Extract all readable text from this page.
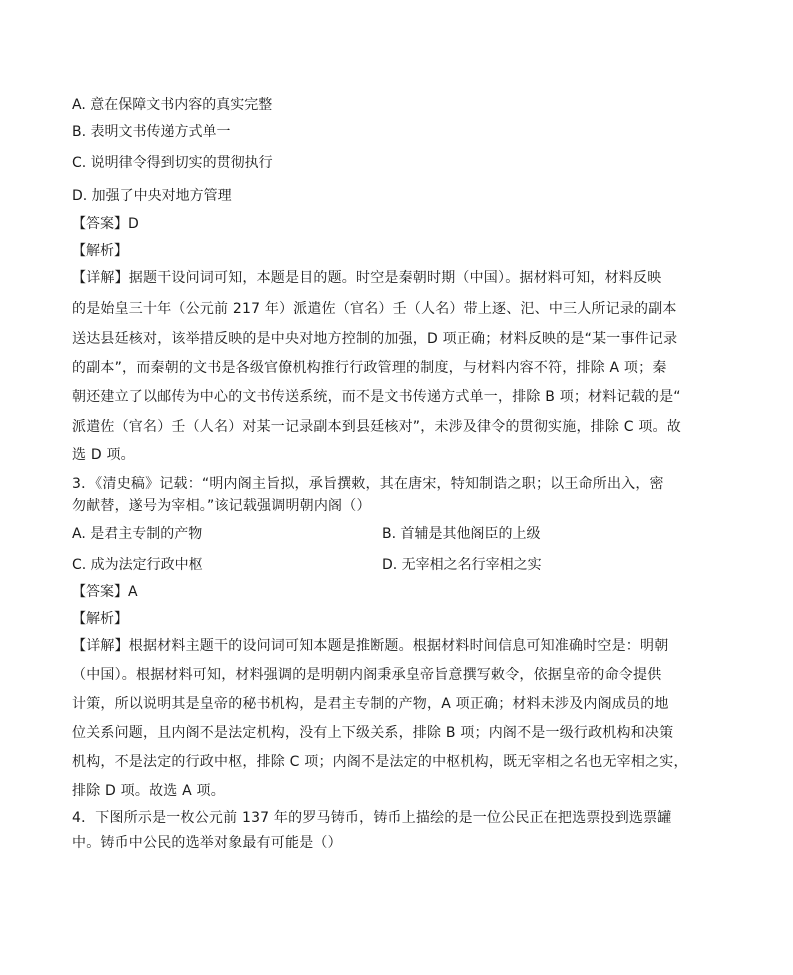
A. 意在保障文书内容的真实完整
B. 表明文书传递方式单一
C. 说明律令得到切实的贯彻执行
D. 加强了中央对地方管理
【答案】D
【解析】
【详解】据题干设问词可知，本题是目的题。时空是秦朝时期（中国）。据材料可知，材料反映
的是始皇三十年（公元前 217 年）派遣佐（官名）壬（人名）带上逐、汜、中三人所记录的副本
送达县廷核对，该举措反映的是中央对地方控制的加强，D 项正确；材料反映的是“某一事件记录
的副本”，而秦朝的文书是各级官僚机构推行行政管理的制度，与材料内容不符，排除 A 项；秦
朝还建立了以邮传为中心的文书传送系统，而不是文书传递方式单一，排除 B 项；材料记载的是“
派遣佐（官名）壬（人名）对某一记录副本到县廷核对”，未涉及律令的贯彻实施，排除 C 项。故
选 D 项。
3．《清史稿》记载：“明内阁主旨拟，承旨撰敕，其在唐宋，特知制诰之职；以王命所出入，密
勿献替，遂号为宰相。”该记载强调明朝内阁（）
A. 是君主专制的产物	B. 首辅是其他阁臣的上级
C. 成为法定行政中枢	D. 无宰相之名行宰相之实
【答案】A
【解析】
【详解】根据材料主题干的设问词可知本题是推断题。根据材料时间信息可知准确时空是：明朝
（中国）。根据材料可知，材料强调的是明朝内阁秉承皇帝旨意撰写敕令，依据皇帝的命令提供
计策，所以说明其是皇帝的秘书机构，是君主专制的产物，A 项正确；材料未涉及内阁成员的地
位关系问题，且内阁不是法定机构，没有上下级关系，排除 B 项；内阁不是一级行政机构和决策
机构，不是法定的行政中枢，排除 C 项；内阁不是法定的中枢机构，既无宰相之名也无宰相之实，
排除 D 项。故选 A 项。
4．下图所示是一枚公元前 137 年的罗马铸币，铸币上描绘的是一位公民正在把选票投到选票罐
中。铸币中公民的选举对象最有可能是（）
